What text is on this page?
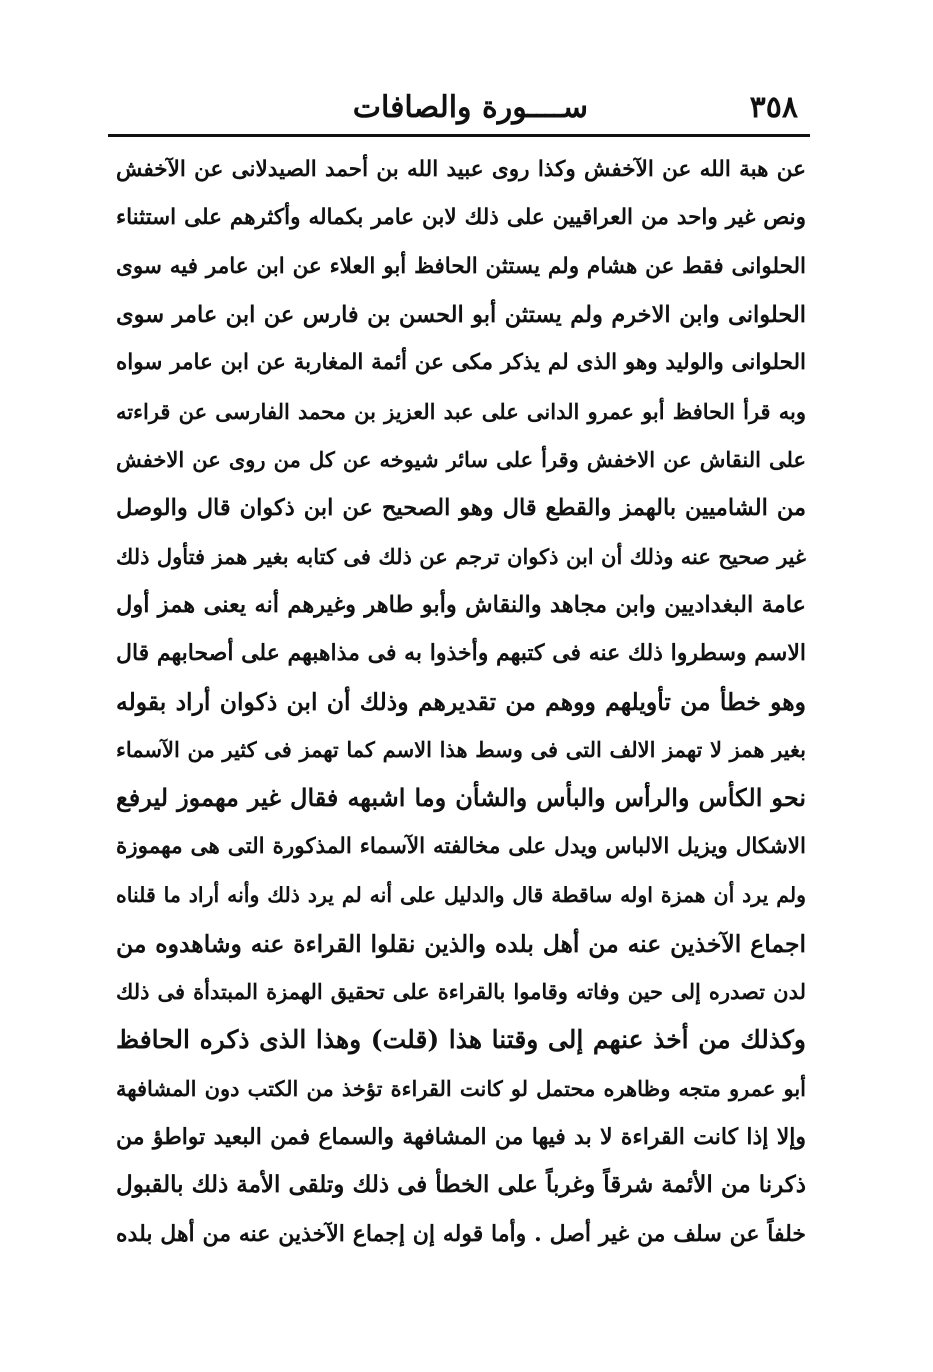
٣٥٨
ســــورة والصافات
عن هبة الله عن الآخفش وكذا روى عبيد الله بن أحمد الصيدلانى عن الآخفش
ونص غير واحد من العراقيين على ذلك لابن عامر بكماله وأكثرهم على استثناء
الحلوانى فقط عن هشام ولم يستثن الحافظ أبو العلاء عن ابن عامر فيه سوى
الحلوانى وابن الاخرم ولم يستثن أبو الحسن بن فارس عن ابن عامر سوى
الحلوانى والوليد وهو الذى لم يذكر مكى عن أئمة المغاربة عن ابن عامر سواه
وبه قرأ الحافظ أبو عمرو الدانى على عبد العزيز بن محمد الفارسى عن قراءته
على النقاش عن الاخفش وقرأ على سائر شيوخه عن كل من روى عن الاخفش
من الشاميين بالهمز والقطع قال وهو الصحيح عن ابن ذكوان قال والوصل
غير صحيح عنه وذلك أن ابن ذكوان ترجم عن ذلك فى كتابه بغير همز فتأول ذلك
عامة البغداديين وابن مجاهد والنقاش وأبو طاهر وغيرهم أنه يعنى همز أول
الاسم وسطروا ذلك عنه فى كتبهم وأخذوا به فى مذاهبهم على أصحابهم قال
وهو خطأ من تأويلهم ووهم من تقديرهم وذلك أن ابن ذكوان أراد بقوله
بغير همز لا تهمز الالف التى فى وسط هذا الاسم كما تهمز فى كثير من الآسماء
نحو الكأس والرأس والبأس والشأن وما اشبهه فقال غير مهموز ليرفع
الاشكال ويزيل الالباس ويدل على مخالفته الآسماء المذكورة التى هى مهموزة
ولم يرد أن همزة اوله ساقطة قال والدليل على أنه لم يرد ذلك وأنه أراد ما قلناه
اجماع الآخذين عنه من أهل بلده والذين نقلوا القراءة عنه وشاهدوه من
لدن تصدره إلى حين وفاته وقاموا بالقراءة على تحقيق الهمزة المبتدأة فى ذلك
وكذلك من أخذ عنهم إلى وقتنا هذا (قلت) وهذا الذى ذكره الحافظ
أبو عمرو متجه وظاهره محتمل لو كانت القراءة تؤخذ من الكتب دون المشافهة
وإلا إذا كانت القراءة لا بد فيها من المشافهة والسماع فمن البعيد تواطؤ من
ذكرنا من الأئمة شرقاً وغرباً على الخطأ فى ذلك وتلقى الأمة ذلك بالقبول
خلفاً عن سلف من غير أصل . وأما قوله إن إجماع الآخذين عنه من أهل بلده
